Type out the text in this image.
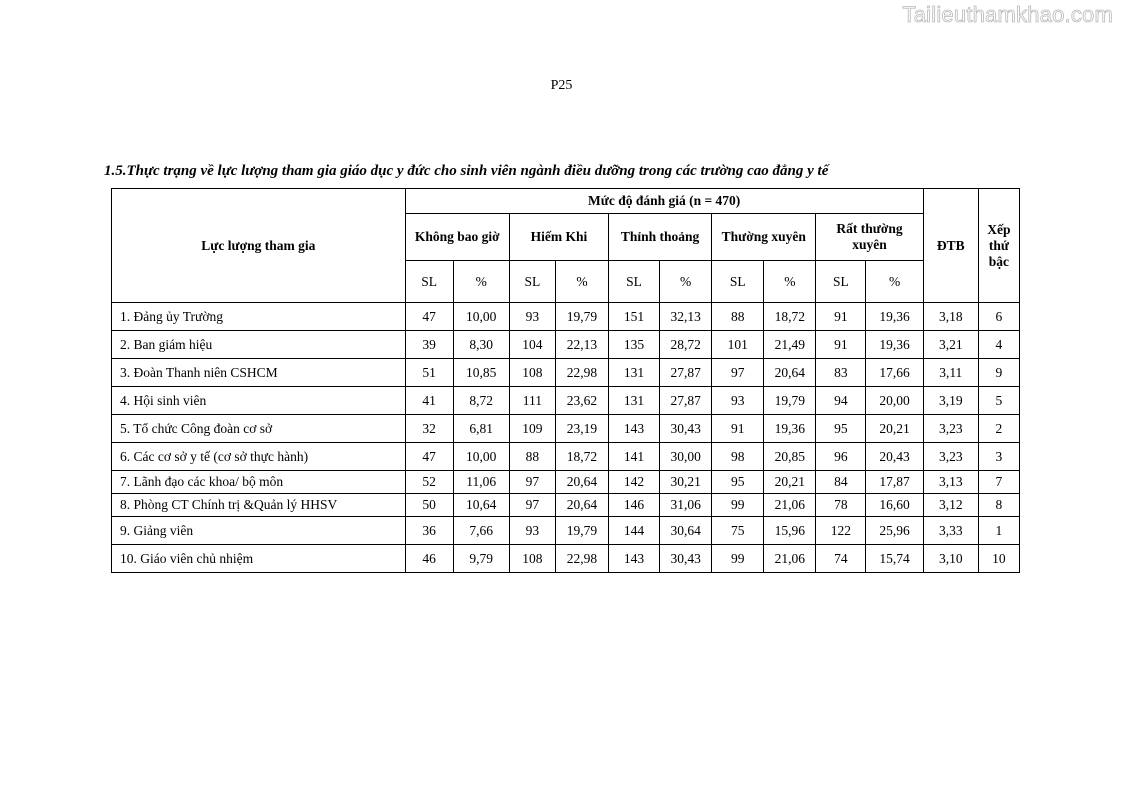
Tailieuthamkhao.com
P25
1.5.Thực trạng về lực lượng tham gia giáo dục y đức cho sinh viên ngành điều dưỡng trong các trường cao đẳng y tế
Lực lượng tham gia	Mức độ đánh giá (n = 470)										ĐTB	Xếp thứ bậc
	Không bao giờ		Hiếm Khi		Thỉnh thoảng		Thường xuyên		Rất thường xuyên			
	SL	%	SL	%	SL	%	SL	%	SL	%		
1. Đảng ủy Trường	47	10,00	93	19,79	151	32,13	88	18,72	91	19,36	3,18	6
2. Ban giám hiệu	39	8,30	104	22,13	135	28,72	101	21,49	91	19,36	3,21	4
3. Đoàn Thanh niên CSHCM	51	10,85	108	22,98	131	27,87	97	20,64	83	17,66	3,11	9
4. Hội sinh viên	41	8,72	111	23,62	131	27,87	93	19,79	94	20,00	3,19	5
5. Tổ chức Công đoàn cơ sở	32	6,81	109	23,19	143	30,43	91	19,36	95	20,21	3,23	2
6. Các cơ sở y tế (cơ sở thực hành)	47	10,00	88	18,72	141	30,00	98	20,85	96	20,43	3,23	3
7. Lãnh đạo các khoa/ bộ môn	52	11,06	97	20,64	142	30,21	95	20,21	84	17,87	3,13	7
8. Phòng CT Chính trị &Quản lý HHSV	50	10,64	97	20,64	146	31,06	99	21,06	78	16,60	3,12	8
9. Giảng viên	36	7,66	93	19,79	144	30,64	75	15,96	122	25,96	3,33	1
10. Giáo viên chủ nhiệm	46	9,79	108	22,98	143	30,43	99	21,06	74	15,74	3,10	10
